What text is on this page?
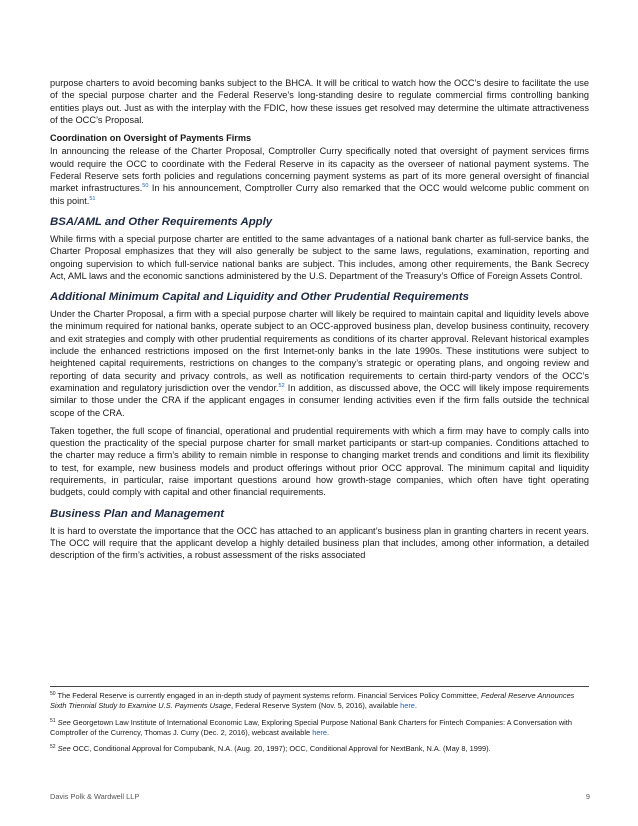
purpose charters to avoid becoming banks subject to the BHCA. It will be critical to watch how the OCC’s desire to facilitate the use of the special purpose charter and the Federal Reserve’s long-standing desire to regulate commercial firms controlling banking entities plays out. Just as with the interplay with the FDIC, how these issues get resolved may determine the ultimate attractiveness of the OCC’s Proposal.

Coordination on Oversight of Payments Firms

In announcing the release of the Charter Proposal, Comptroller Curry specifically noted that oversight of payment services firms would require the OCC to coordinate with the Federal Reserve in its capacity as the overseer of national payment systems. The Federal Reserve sets forth policies and regulations concerning payment systems as part of its more general oversight of financial market infrastructures.$^{50}$ In his announcement, Comptroller Curry also remarked that the OCC would welcome public comment on this point.$^{51}$

BSA/AML and Other Requirements Apply

While firms with a special purpose charter are entitled to the same advantages of a national bank charter as full-service banks, the Charter Proposal emphasizes that they will also generally be subject to the same laws, regulations, examination, reporting and ongoing supervision to which full-service national banks are subject. This includes, among other requirements, the Bank Secrecy Act, AML laws and the economic sanctions administered by the U.S. Department of the Treasury’s Office of Foreign Assets Control.

Additional Minimum Capital and Liquidity and Other Prudential Requirements

Under the Charter Proposal, a firm with a special purpose charter will likely be required to maintain capital and liquidity levels above the minimum required for national banks, operate subject to an OCC-approved business plan, develop business continuity, recovery and exit strategies and comply with other prudential requirements as conditions of its charter approval. Relevant historical examples include the enhanced restrictions imposed on the first Internet-only banks in the late 1990s. These institutions were subject to heightened capital requirements, restrictions on changes to the company’s strategic or operating plans, and ongoing review and reporting of data security and privacy controls, as well as notification requirements to certain third-party vendors of the OCC’s examination and regulatory jurisdiction over the vendor.$^{52}$ In addition, as discussed above, the OCC will likely impose requirements similar to those under the CRA if the applicant engages in consumer lending activities even if the firm falls outside the technical scope of the CRA.

Taken together, the full scope of financial, operational and prudential requirements with which a firm may have to comply calls into question the practicality of the special purpose charter for small market participants or start-up companies. Conditions attached to the charter may reduce a firm’s ability to remain nimble in response to changing market trends and conditions and limit its flexibility to test, for example, new business models and product offerings without prior OCC approval. The minimum capital and liquidity requirements, in particular, raise important questions around how growth-stage companies, which often have tight operating budgets, could comply with capital and other financial requirements.

Business Plan and Management

It is hard to overstate the importance that the OCC has attached to an applicant’s business plan in granting charters in recent years. The OCC will require that the applicant develop a highly detailed business plan that includes, among other information, a detailed description of the firm’s activities, a robust assessment of the risks associated

$^{50}$ The Federal Reserve is currently engaged in an in-depth study of payment systems reform. Financial Services Policy Committee, Federal Reserve Announces Sixth Triennial Study to Examine U.S. Payments Usage, Federal Reserve System (Nov. 5, 2016), available here.
$^{51}$ See Georgetown Law Institute of International Economic Law, Exploring Special Purpose National Bank Charters for Fintech Companies: A Conversation with Comptroller of the Currency, Thomas J. Curry (Dec. 2, 2016), webcast available here.
$^{52}$ See OCC, Conditional Approval for Compubank, N.A. (Aug. 20, 1997); OCC, Conditional Approval for NextBank, N.A. (May 8, 1999).
Davis Polk & Wardwell LLP	9
